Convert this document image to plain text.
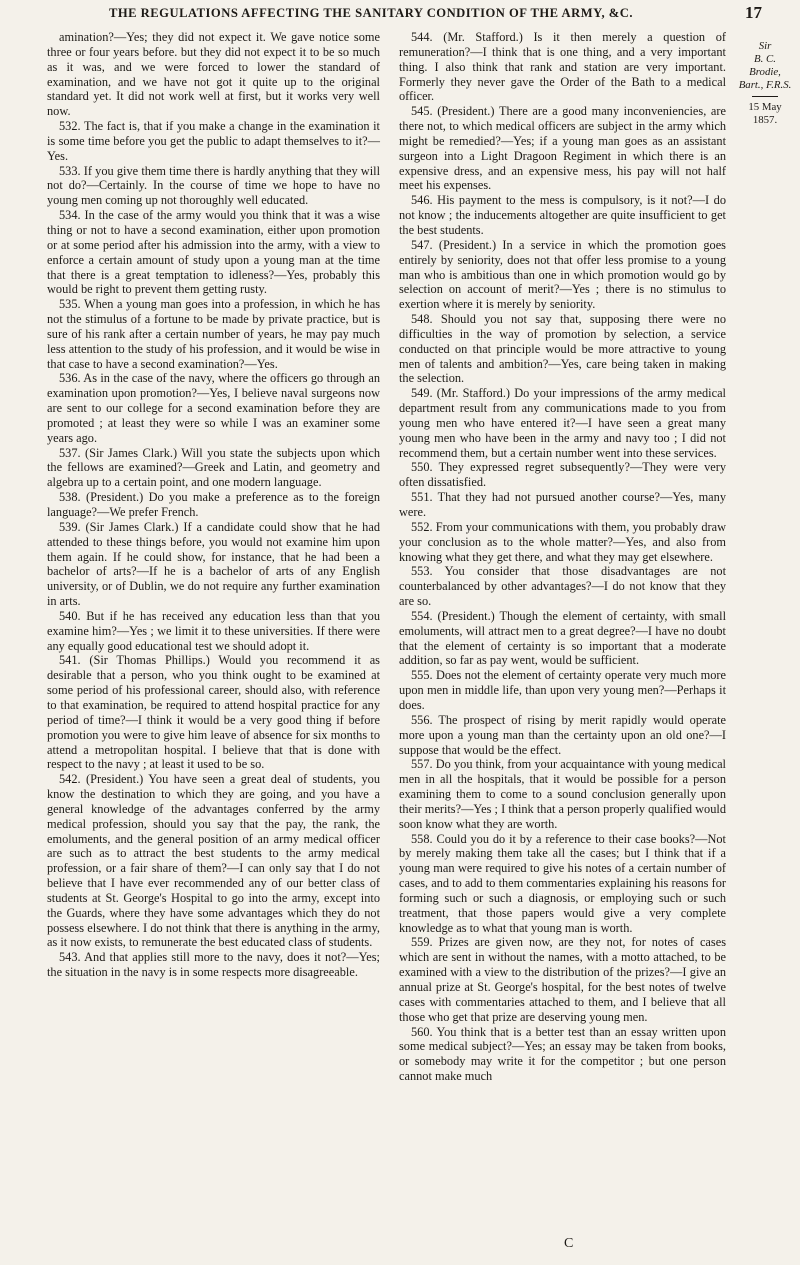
THE REGULATIONS AFFECTING THE SANITARY CONDITION OF THE ARMY, &C.	17

amination?—Yes; they did not expect it. We gave notice some three or four years before. but they did not expect it to be so much as it was, and we were forced to lower the standard of examination, and we have not got it quite up to the original standard yet. It did not work well at first, but it works very well now.

532. The fact is, that if you make a change in the examination it is some time before you get the public to adapt themselves to it?—Yes.

533. If you give them time there is hardly anything that they will not do?—Certainly. In the course of time we hope to have no young men coming up not thoroughly well educated.

534. In the case of the army would you think that it was a wise thing or not to have a second examination, either upon promotion or at some period after his admission into the army, with a view to enforce a certain amount of study upon a young man at the time that there is a great temptation to idleness?—Yes, probably this would be right to prevent them getting rusty.

535. When a young man goes into a profession, in which he has not the stimulus of a fortune to be made by private practice, but is sure of his rank after a certain number of years, he may pay much less attention to the study of his profession, and it would be wise in that case to have a second examination?—Yes.

536. As in the case of the navy, where the officers go through an examination upon promotion?—Yes, I believe naval surgeons now are sent to our college for a second examination before they are promoted ; at least they were so while I was an examiner some years ago.

537. (Sir James Clark.) Will you state the subjects upon which the fellows are examined?—Greek and Latin, and geometry and algebra up to a certain point, and one modern language.

538. (President.) Do you make a preference as to the foreign language?—We prefer French.

539. (Sir James Clark.) If a candidate could show that he had attended to these things before, you would not examine him upon them again. If he could show, for instance, that he had been a bachelor of arts?—If he is a bachelor of arts of any English university, or of Dublin, we do not require any further examination in arts.

540. But if he has received any education less than that you examine him?—Yes ; we limit it to these universities. If there were any equally good educational test we should adopt it.

541. (Sir Thomas Phillips.) Would you recommend it as desirable that a person, who you think ought to be examined at some period of his professional career, should also, with reference to that examination, be required to attend hospital practice for any period of time?—I think it would be a very good thing if before promotion you were to give him leave of absence for six months to attend a metropolitan hospital. I believe that that is done with respect to the navy ; at least it used to be so.

542. (President.) You have seen a great deal of students, you know the destination to which they are going, and you have a general knowledge of the advantages conferred by the army medical profession, should you say that the pay, the rank, the emoluments, and the general position of an army medical officer are such as to attract the best students to the army medical profession, or a fair share of them?—I can only say that I do not believe that I have ever recommended any of our better class of students at St. George's Hospital to go into the army, except into the Guards, where they have some advantages which they do not possess elsewhere. I do not think that there is anything in the army, as it now exists, to remunerate the best educated class of students.

543. And that applies still more to the navy, does it not?—Yes; the situation in the navy is in some respects more disagreeable.

544. (Mr. Stafford.) Is it then merely a question of remuneration?—I think that is one thing, and a very important thing. I also think that rank and station are very important. Formerly they never gave the Order of the Bath to a medical officer.

545. (President.) There are a good many inconveniencies, are there not, to which medical officers are subject in the army which might be remedied?—Yes; if a young man goes as an assistant surgeon into a Light Dragoon Regiment in which there is an expensive dress, and an expensive mess, his pay will not half meet his expenses.

546. His payment to the mess is compulsory, is it not?—I do not know ; the inducements altogether are quite insufficient to get the best students.

547. (President.) In a service in which the promotion goes entirely by seniority, does not that offer less promise to a young man who is ambitious than one in which promotion would go by selection on account of merit?—Yes ; there is no stimulus to exertion where it is merely by seniority.

548. Should you not say that, supposing there were no difficulties in the way of promotion by selection, a service conducted on that principle would be more attractive to young men of talents and ambition?—Yes, care being taken in making the selection.

549. (Mr. Stafford.) Do your impressions of the army medical department result from any communications made to you from young men who have entered it?—I have seen a great many young men who have been in the army and navy too ; I did not recommend them, but a certain number went into these services.

550. They expressed regret subsequently?—They were very often dissatisfied.

551. That they had not pursued another course?—Yes, many were.

552. From your communications with them, you probably draw your conclusion as to the whole matter?—Yes, and also from knowing what they get there, and what they may get elsewhere.

553. You consider that those disadvantages are not counterbalanced by other advantages?—I do not know that they are so.

554. (President.) Though the element of certainty, with small emoluments, will attract men to a great degree?—I have no doubt that the element of certainty is so important that a moderate addition, so far as pay went, would be sufficient.

555. Does not the element of certainty operate very much more upon men in middle life, than upon very young men?—Perhaps it does.

556. The prospect of rising by merit rapidly would operate more upon a young man than the certainty upon an old one?—I suppose that would be the effect.

557. Do you think, from your acquaintance with young medical men in all the hospitals, that it would be possible for a person examining them to come to a sound conclusion generally upon their merits?—Yes ; I think that a person properly qualified would soon know what they are worth.

558. Could you do it by a reference to their case books?—Not by merely making them take all the cases; but I think that if a young man were required to give his notes of a certain number of cases, and to add to them commentaries explaining his reasons for forming such or such a diagnosis, or employing such or such treatment, that those papers would give a very complete knowledge as to what that young man is worth.

559. Prizes are given now, are they not, for notes of cases which are sent in without the names, with a motto attached, to be examined with a view to the distribution of the prizes?—I give an annual prize at St. George's hospital, for the best notes of twelve cases with commentaries attached to them, and I believe that all those who get that prize are deserving young men.

560. You think that is a better test than an essay written upon some medical subject?—Yes; an essay may be taken from books, or somebody may write it for the competitor ; but one person cannot make much

Sir
B. C. Brodie,
Bart., F.R.S.
15 May 1857.
C
